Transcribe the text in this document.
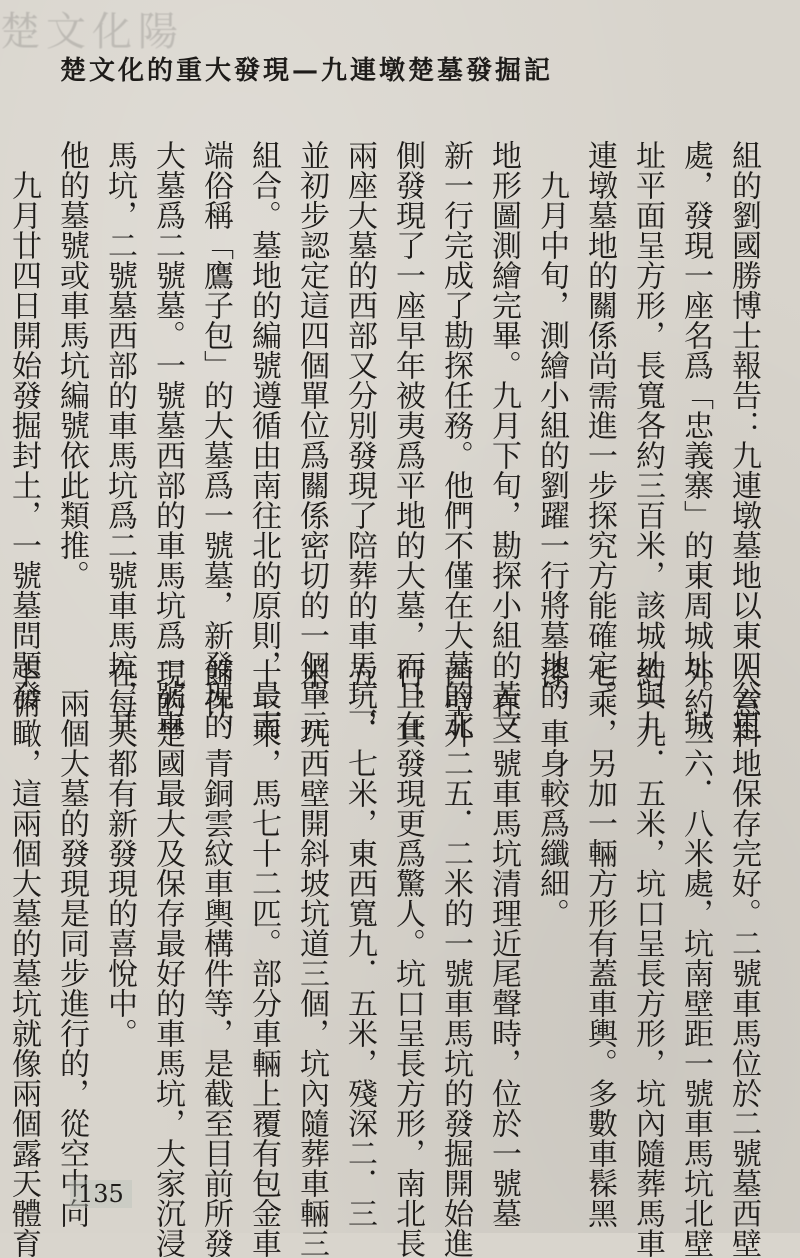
楚文化陽
楚文化的重大發現—九連墩楚墓發掘記
組的劉國勝博士報告：九連墩墓地以東四公里
處，發現一座名爲「忠義寨」的東周城址。城
址平面呈方形，長寬各約三百米，該城址與九
連墩墓地的關係尚需進一步探究方能確定。
　九月中旬，測繪小組的劉躍一行將墓地的
地形圖測繪完畢。九月下旬，勘探小組的黃文
新一行完成了勘探任務。他們不僅在大墓的北
側發現了一座早年被夷爲平地的大墓，而且在
兩座大墓的西部又分別發現了陪葬的車馬坑，
並初步認定這四個單位爲關係密切的一個單元
組合。墓地的編號遵循由南往北的原則，最南
端俗稱「鷹子包」的大墓爲一號墓，新發現的
大墓爲二號墓。一號墓西部的車馬坑爲一號車
馬坑，二號墓西部的車馬坑爲二號車馬坑，其
他的墓號或車馬坑編號依此類推。
　九月廿四日開始發掘封土，一號墓問題發
人意料地保存完好。二號車馬位於二號墓西壁
外約二六．八米處，坑南壁距一號車馬坑北壁
約一九．五米，坑口呈長方形，坑內隨葬馬車
七乘，另加一輛方形有蓋車輿。多數車髹黑
漆，車身較爲纖細。
　在二號車馬坑清理近尾聲時，位於一號墓
西壁外二五．二米的一號車馬坑的發掘開始進
行，其發現更爲驚人。坑口呈長方形，南北長
五二．七米，東西寬九．五米，殘深二．三
米。坑西壁開斜坡坑道三個，坑內隨葬車輛三
十三乘，馬七十二匹。部分車輛上覆有包金車
飾件、青銅雲紋車輿構件等，是截至目前所發
現的楚國最大及保存最好的車馬坑，大家沉浸
在每天都有新發現的喜悅中。
　兩個大墓的發現是同步進行的，從空中向
下俯瞰，這兩個大墓的墓坑就像兩個露天體育	135
